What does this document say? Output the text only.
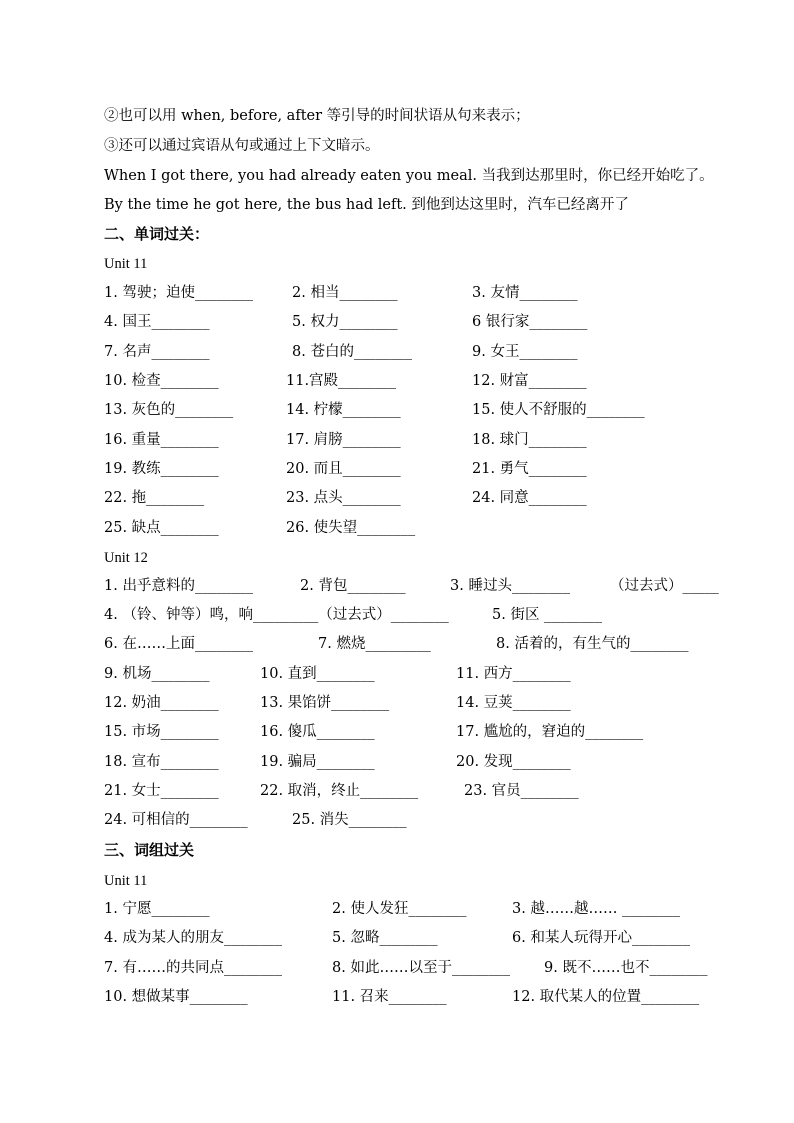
②也可以用 when, before, after 等引导的时间状语从句来表示；
③还可以通过宾语从句或通过上下文暗示。
When I got there, you had already eaten you meal. 当我到达那里时，你已经开始吃了。
By the time he got here, the bus had left. 到他到达这里时，汽车已经离开了
二、单词过关：
Unit 11
1. 驾驶；迫使________	2. 相当________	3. 友情________
4. 国王________	5. 权力________	6 银行家________
7. 名声________	8. 苍白的________	9. 女王________
10. 检查________	11.宫殿________	12. 财富________
13. 灰色的________	14. 柠檬________	15. 使人不舒服的________
16. 重量________	17. 肩膀________	18. 球门________
19. 教练________	20. 而且________	21. 勇气________
22. 拖________	23. 点头________	24. 同意________
25. 缺点________	26. 使失望________
Unit 12
1. 出乎意料的________	2. 背包________	3. 睡过头________	（过去式）_____
4. （铃、钟等）鸣，响_________（过去式）________	5. 街区 ________
6. 在……上面________	7. 燃烧_________	8. 活着的，有生气的________
9. 机场________	10. 直到________	11. 西方________
12. 奶油________	13. 果馅饼________	14. 豆荚________
15. 市场________	16. 傻瓜________	17. 尴尬的，窘迫的________
18. 宣布________	19. 骗局________	20. 发现________
21. 女士________	22. 取消，终止________	23. 官员________
24. 可相信的________	25. 消失________
三、词组过关
Unit 11
1. 宁愿________	2. 使人发狂________	3. 越……越…… ________
4. 成为某人的朋友________	5. 忽略________	6. 和某人玩得开心________
7. 有……的共同点________	8. 如此……以至于________ 9. 既不……也不________
10. 想做某事________	11. 召来________	12. 取代某人的位置________
